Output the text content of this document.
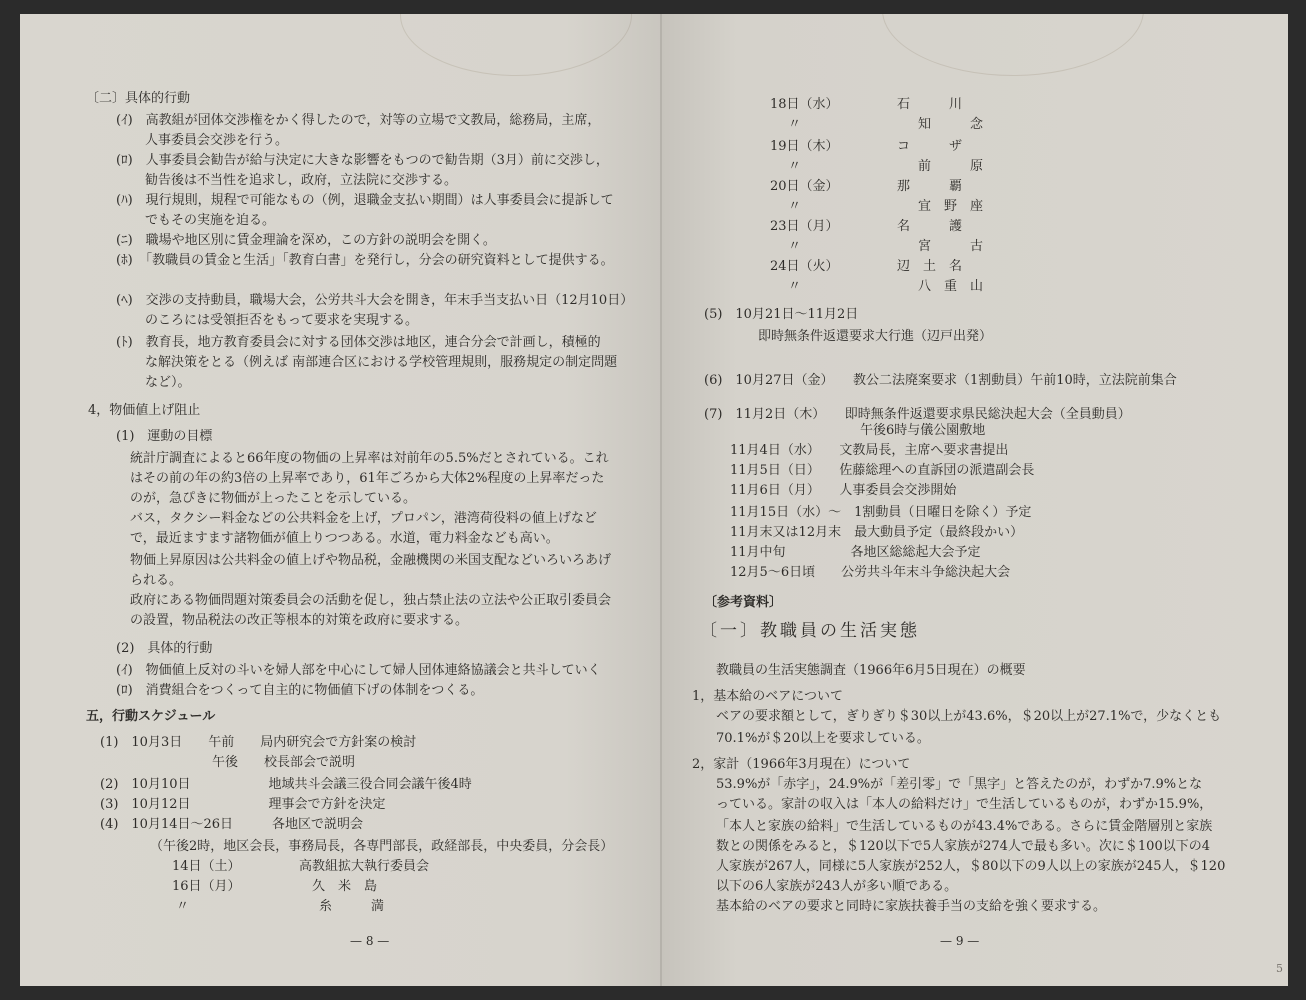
〔二〕具体的行動
(ｲ)　高教組が団体交渉権をかく得したので，対等の立場で文教局，総務局，主席，
人事委員会交渉を行う。
(ﾛ)　人事委員会勧告が給与決定に大きな影響をもつので勧告期（3月）前に交渉し，
勧告後は不当性を追求し，政府，立法院に交渉する。
(ﾊ)　現行規則，規程で可能なもの（例，退職金支払い期間）は人事委員会に提訴して
でもその実施を迫る。
(ﾆ)　職場や地区別に賃金理論を深め，この方針の説明会を開く。
(ﾎ)　「教職員の賃金と生活」「教育白書」を発行し，分会の研究資料として提供する。
(ﾍ)　交渉の支持動員，職場大会，公労共斗大会を開き，年末手当支払い日（12月10日）
のころには受領拒否をもって要求を実現する。
(ﾄ)　教育長，地方教育委員会に対する団体交渉は地区，連合分会で計画し，積極的
な解決策をとる（例えば 南部連合区における学校管理規則，服務規定の制定問題
など）。
4，物価値上げ阻止
(1)　運動の目標
統計庁調査によると66年度の物価の上昇率は対前年の5.5%だとされている。これ
はその前の年の約3倍の上昇率であり，61年ごろから大体2%程度の上昇率だった
のが，急ぴきに物価が上ったことを示している。
バス，タクシー料金などの公共料金を上げ，プロパン，港湾荷役料の値上げなど
で，最近ますます諸物価が値上りつつある。水道，電力料金なども高い。
物価上昇原因は公共料金の値上げや物品税，金融機関の米国支配などいろいろあげ
られる。
政府にある物価問題対策委員会の活動を促し，独占禁止法の立法や公正取引委員会
の設置，物品税法の改正等根本的対策を政府に要求する。
(2)　具体的行動
(ｲ)　物価値上反対の斗いを婦人部を中心にして婦人団体連絡協議会と共斗していく
(ﾛ)　消費組合をつくって自主的に物価値下げの体制をつくる。
五，行動スケジュール
(1)　10月3日　　午前　　局内研究会で方針案の検討
午後　　校長部会で説明
(2)　10月10日　　　　　　地域共斗会議三役合同会議午後4時
(3)　10月12日　　　　　　理事会で方針を決定
(4)　10月14日～26日　　　各地区で説明会
（午後2時，地区会長，事務局長，各専門部長，政経部長，中央委員，分会長）
14日（土）　　　　　高教組拡大執行委員会
16日（月）　　　　　　久　米　島
〃　　　　　　　　　　糸　　　満
— 8 —
18日（水）　　　　　石　　　川
〃　　　　　　　　　知　　　念
19日（木）　　　　　コ　　　ザ
〃　　　　　　　　　前　　　原
20日（金）　　　　　那　　　覇
〃　　　　　　　　　宜　野　座
23日（月）　　　　　名　　　護
〃　　　　　　　　　宮　　　古
24日（火）　　　　　辺　土　名
〃　　　　　　　　　八　重　山
(5)　10月21日～11月2日
即時無条件返還要求大行進（辺戸出発）
(6)　10月27日（金）　　教公二法廃案要求（1割動員）午前10時，立法院前集合
(7)　11月2日（木）　　即時無条件返還要求県民総決起大会（全員動員）
午後6時与儀公園敷地
11月4日（水）　　文教局長，主席へ要求書提出
11月5日（日）　　佐藤総理への直訴団の派遣副会長
11月6日（月）　　人事委員会交渉開始
11月15日（水）～　1割動員（日曜日を除く）予定
11月末又は12月末　最大動員予定（最終段かい）
11月中旬　　　　　各地区総総起大会予定
12月5～6日頃　　公労共斗年末斗争総決起大会
〔参考資料〕
〔一〕教職員の生活実態
教職員の生活実態調査（1966年6月5日現在）の概要
1，基本給のベアについて
ベアの要求額として，ぎりぎり＄30以上が43.6%，＄20以上が27.1%で，少なくとも
70.1%が＄20以上を要求している。
2，家計（1966年3月現在）について
53.9%が「赤字」，24.9%が「差引零」で「黒字」と答えたのが，わずか7.9%とな
っている。家計の収入は「本人の給料だけ」で生活しているものが，わずか15.9%，
「本人と家族の給料」で生活しているものが43.4%である。さらに賃金階層別と家族
数との関係をみると，＄120以下で5人家族が274人で最も多い。次に＄100以下の4
人家族が267人，同様に5人家族が252人，＄80以下の9人以上の家族が245人，＄120
以下の6人家族が243人が多い順である。
基本給のベアの要求と同時に家族扶養手当の支給を強く要求する。
— 9 —
5
